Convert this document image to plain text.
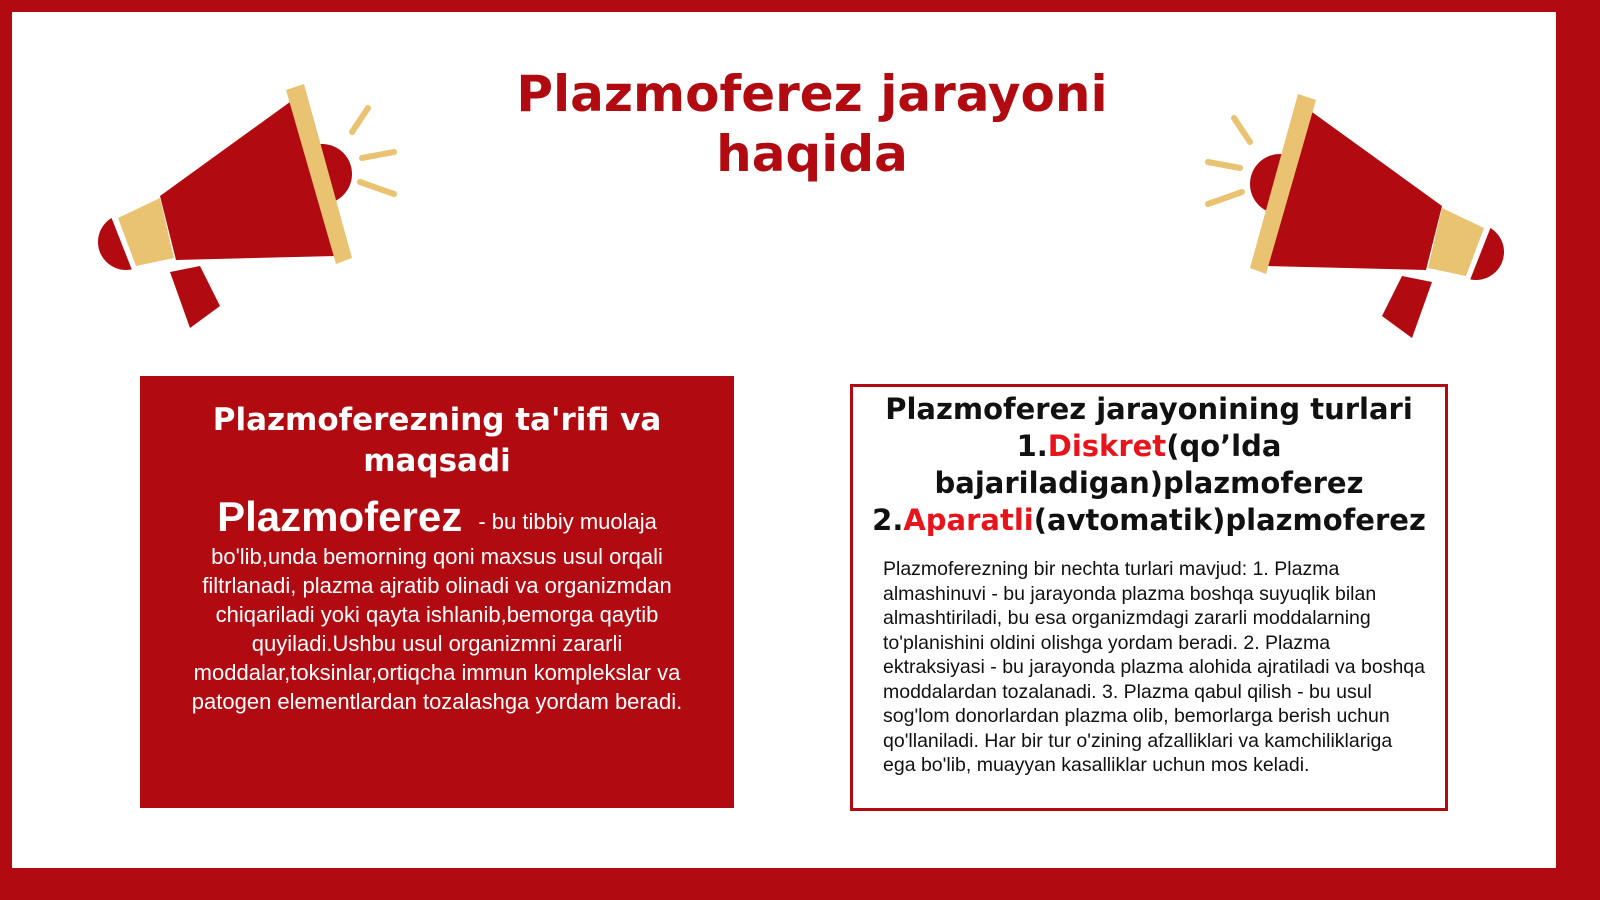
Plazmoferez jarayoni haqida
Plazmoferezning ta'rifi va maqsadi
Plazmoferez - bu tibbiy muolaja bo'lib,unda bemorning qoni maxsus usul orqali filtrlanadi, plazma ajratib olinadi va organizmdan chiqariladi yoki qayta ishlanib,bemorga qaytib quyiladi.Ushbu usul organizmni zararli moddalar,toksinlar,ortiqcha immun komplekslar va patogen elementlardan tozalashga yordam beradi.
Plazmoferez jarayonining turlari
1.Diskret(qo’lda bajariladigan)plazmoferez
2.Aparatli(avtomatik)plazmoferez
Plazmoferezning bir nechta turlari mavjud: 1. Plazma almashinuvi - bu jarayonda plazma boshqa suyuqlik bilan almashtiriladi, bu esa organizmdagi zararli moddalarning to'planishini oldini olishga yordam beradi. 2. Plazma ektraksiyasi - bu jarayonda plazma alohida ajratiladi va boshqa moddalardan tozalanadi. 3. Plazma qabul qilish - bu usul sog'lom donorlardan plazma olib, bemorlarga berish uchun qo'llaniladi. Har bir tur o'zining afzalliklari va kamchiliklariga ega bo'lib, muayyan kasalliklar uchun mos keladi.
